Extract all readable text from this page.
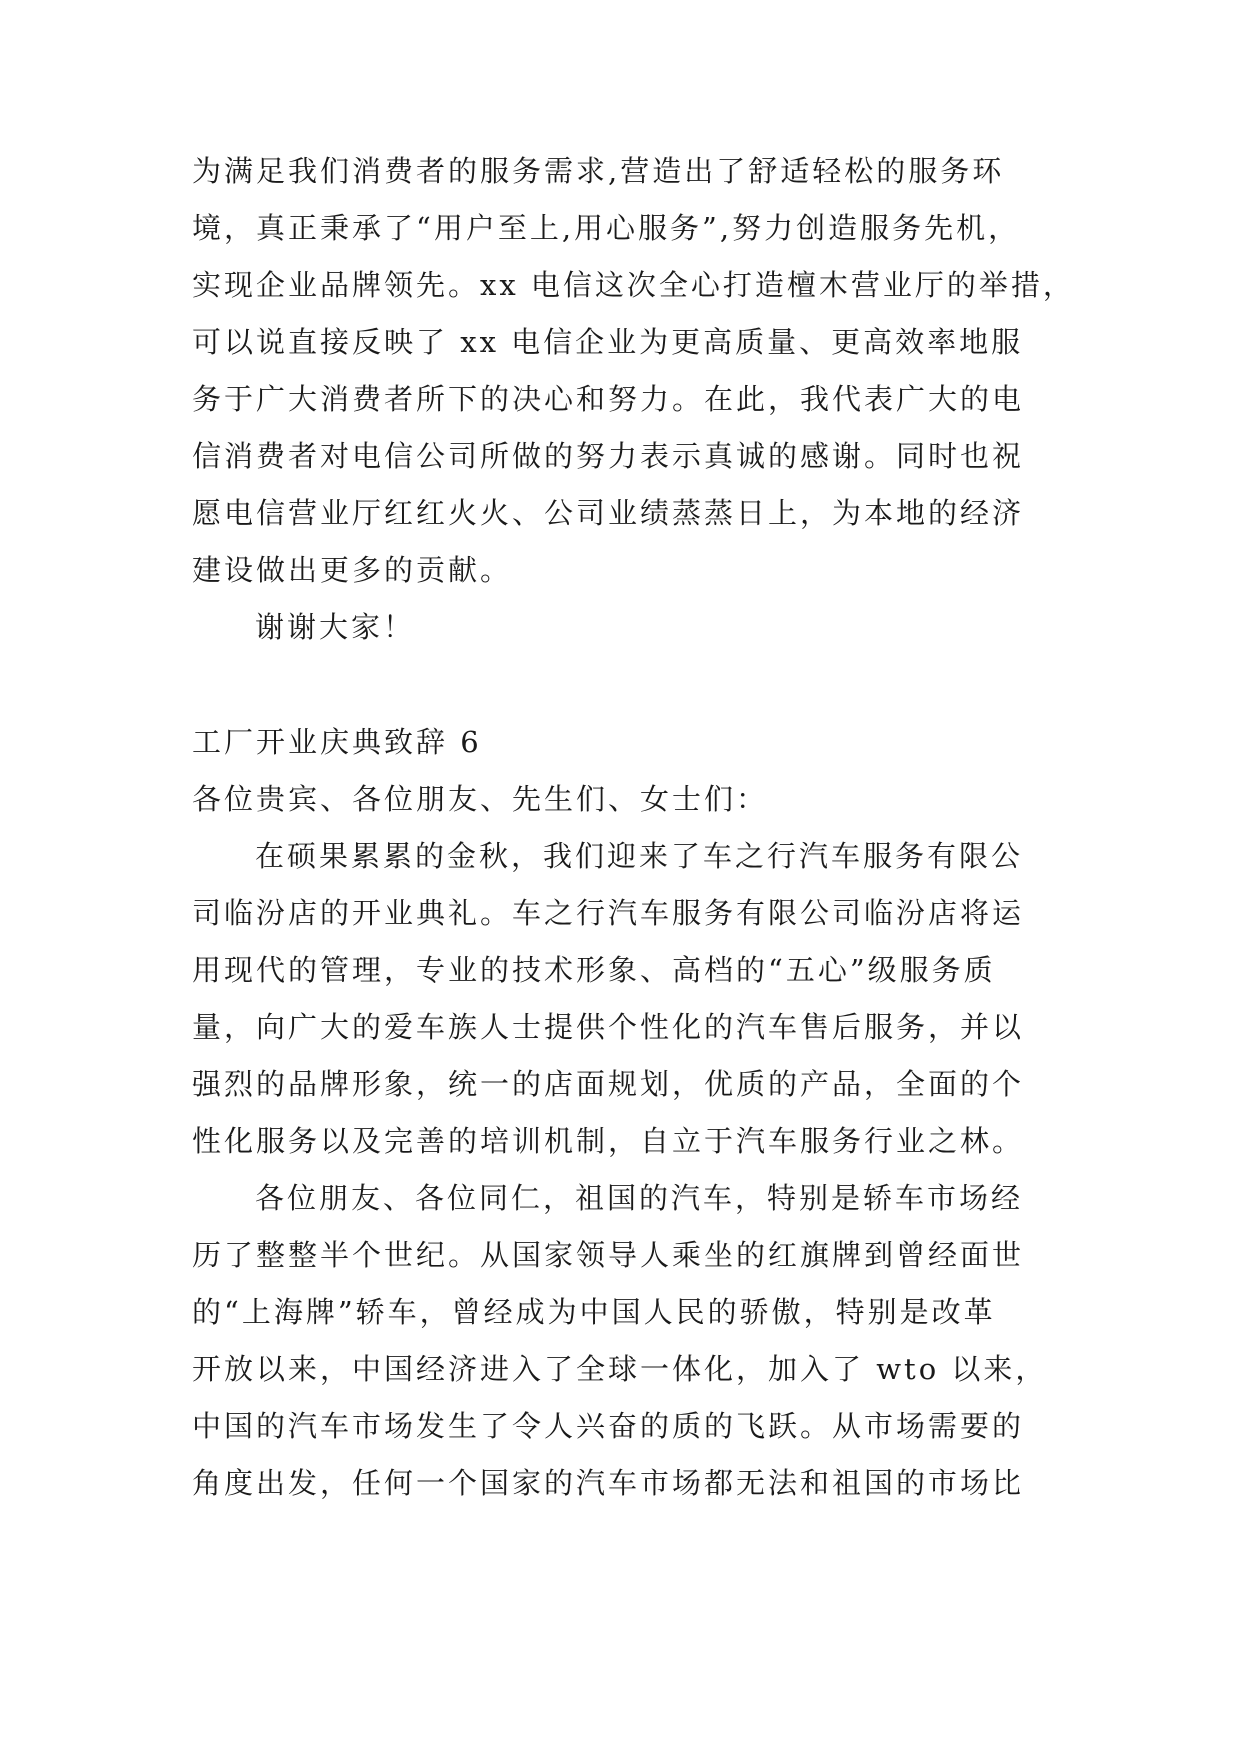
为满足我们消费者的服务需求,营造出了舒适轻松的服务环
境，真正秉承了“用户至上,用心服务”,努力创造服务先机，
实现企业品牌领先。xx 电信这次全心打造檀木营业厅的举措，
可以说直接反映了 xx 电信企业为更高质量、更高效率地服
务于广大消费者所下的决心和努力。在此，我代表广大的电
信消费者对电信公司所做的努力表示真诚的感谢。同时也祝
愿电信营业厅红红火火、公司业绩蒸蒸日上，为本地的经济
建设做出更多的贡献。
谢谢大家！
工厂开业庆典致辞 6
各位贵宾、各位朋友、先生们、女士们：
在硕果累累的金秋，我们迎来了车之行汽车服务有限公
司临汾店的开业典礼。车之行汽车服务有限公司临汾店将运
用现代的管理，专业的技术形象、高档的“五心”级服务质
量，向广大的爱车族人士提供个性化的汽车售后服务，并以
强烈的品牌形象，统一的店面规划，优质的产品，全面的个
性化服务以及完善的培训机制，自立于汽车服务行业之林。
各位朋友、各位同仁，祖国的汽车，特别是轿车市场经
历了整整半个世纪。从国家领导人乘坐的红旗牌到曾经面世
的“上海牌”轿车，曾经成为中国人民的骄傲，特别是改革
开放以来，中国经济进入了全球一体化，加入了 wto 以来，
中国的汽车市场发生了令人兴奋的质的飞跃。从市场需要的
角度出发，任何一个国家的汽车市场都无法和祖国的市场比
